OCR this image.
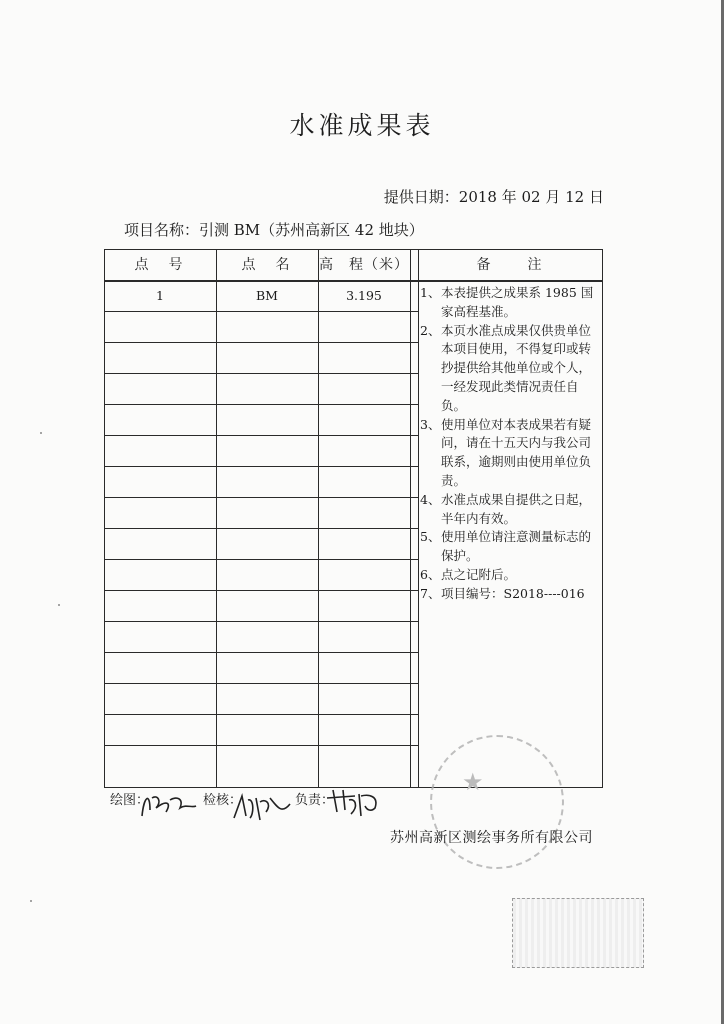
水准成果表
提供日期：2018 年 02 月 12 日
项目名称：引测 BM（苏州高新区 42 地块）
点　号	点　名	高　程（米）	备　　注
1	BM	3.195	1、 本表提供之成果系 1985 国家高程基准。
2、 本页水准点成果仅供贵单位本项目使用，不得复印或转抄提供给其他单位或个人，一经发现此类情况责任自负。
3、 使用单位对本表成果若有疑问，请在十五天内与我公司联系，逾期则由使用单位负责。
4、 水准点成果自提供之日起，半年内有效。
5、 使用单位请注意测量标志的保护。
6、 点之记附后。
7、 项目编号：S2018----016
★
绘图：	检核：	负责：
苏州高新区测绘事务所有限公司
